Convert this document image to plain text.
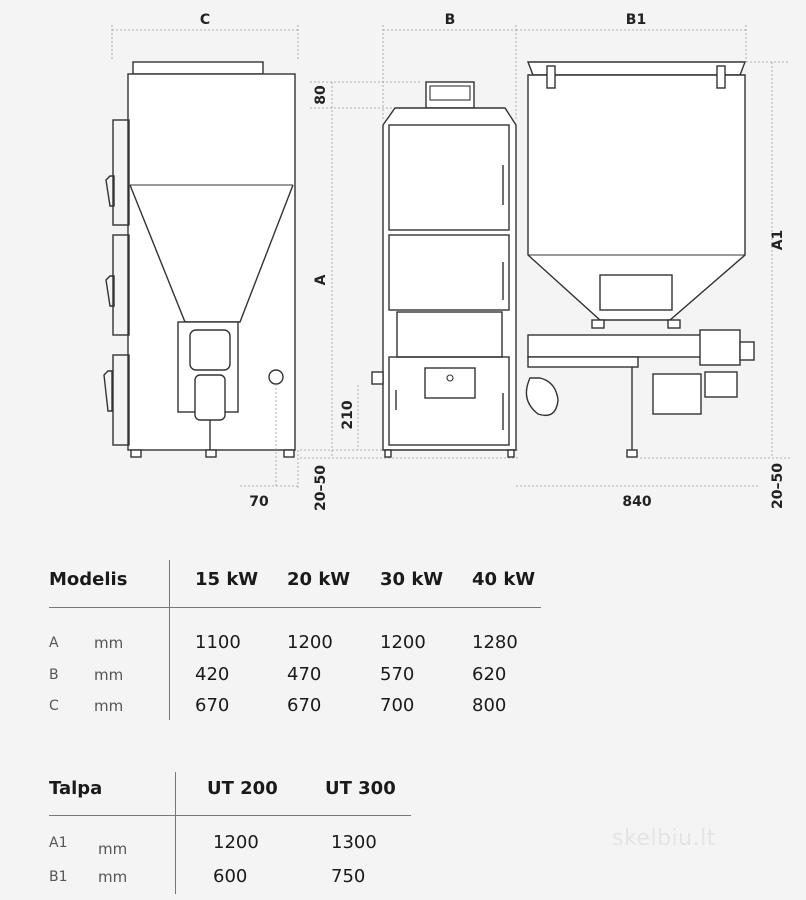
C
70
80
A
210
20–50
B	B1
A1
840	20–50
Modelis	15 kW 20 kW 30 kW 40 kW
A mm	1100	1200	1200	1280
B mm	420	470	570	620
C mm	670	670	700	800
Talpa	UT 200	UT 300
A1 mm	1200	1300
B1 mm	600	750
skelbiu.lt
